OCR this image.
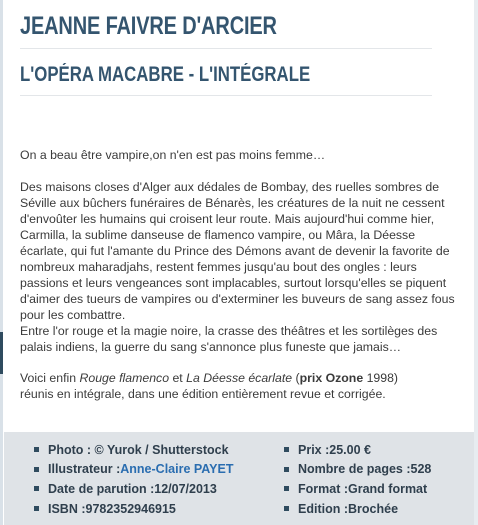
JEANNE FAIVRE D'ARCIER
L'OPÉRA MACABRE - L'INTÉGRALE

On a beau être vampire,on n'en est pas moins femme…

Des maisons closes d'Alger aux dédales de Bombay, des ruelles sombres de Séville aux bûchers funéraires de Bénarès, les créatures de la nuit ne cessent d'envoûter les humains qui croisent leur route. Mais aujourd'hui comme hier, Carmilla, la sublime danseuse de flamenco vampire, ou Mâra, la Déesse écarlate, qui fut l'amante du Prince des Démons avant de devenir la favorite de nombreux maharadjahs, restent femmes jusqu'au bout des ongles : leurs passions et leurs vengeances sont implacables, surtout lorsqu'elles se piquent d'aimer des tueurs de vampires ou d'exterminer les buveurs de sang assez fous pour les combattre.

Entre l'or rouge et la magie noire, la crasse des théâtres et les sortilèges des palais indiens, la guerre du sang s'annonce plus funeste que jamais…

Voici enfin Rouge flamenco et La Déesse écarlate (prix Ozone 1998)

réunis en intégrale, dans une édition entièrement revue et corrigée.

Photo : © Yurok / Shutterstock
Illustrateur : Anne-Claire PAYET
Date de parution : 12/07/2013
ISBN : 9782352946915
Prix : 25.00 €
Nombre de pages : 528
Format : Grand format
Edition : Brochée
